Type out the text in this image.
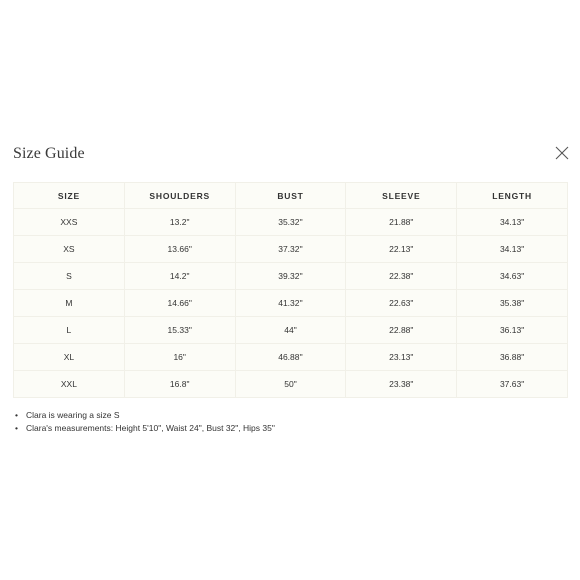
Size Guide
SIZE	SHOULDERS	BUST	SLEEVE	LENGTH
XXS	13.2"	35.32''	21.88"	34.13"
XS	13.66"	37.32''	22.13"	34.13"
S	14.2"	39.32''	22.38"	34.63"
M	14.66"	41.32''	22.63"	35.38"
L	15.33"	44"	22.88"	36.13"
XL	16"	46.88''	23.13"	36.88"
XXL	16.8"	50"	23.38"	37.63"
• Clara is wearing a size S
• Clara's measurements: Height 5'10", Waist 24", Bust 32", Hips 35"
